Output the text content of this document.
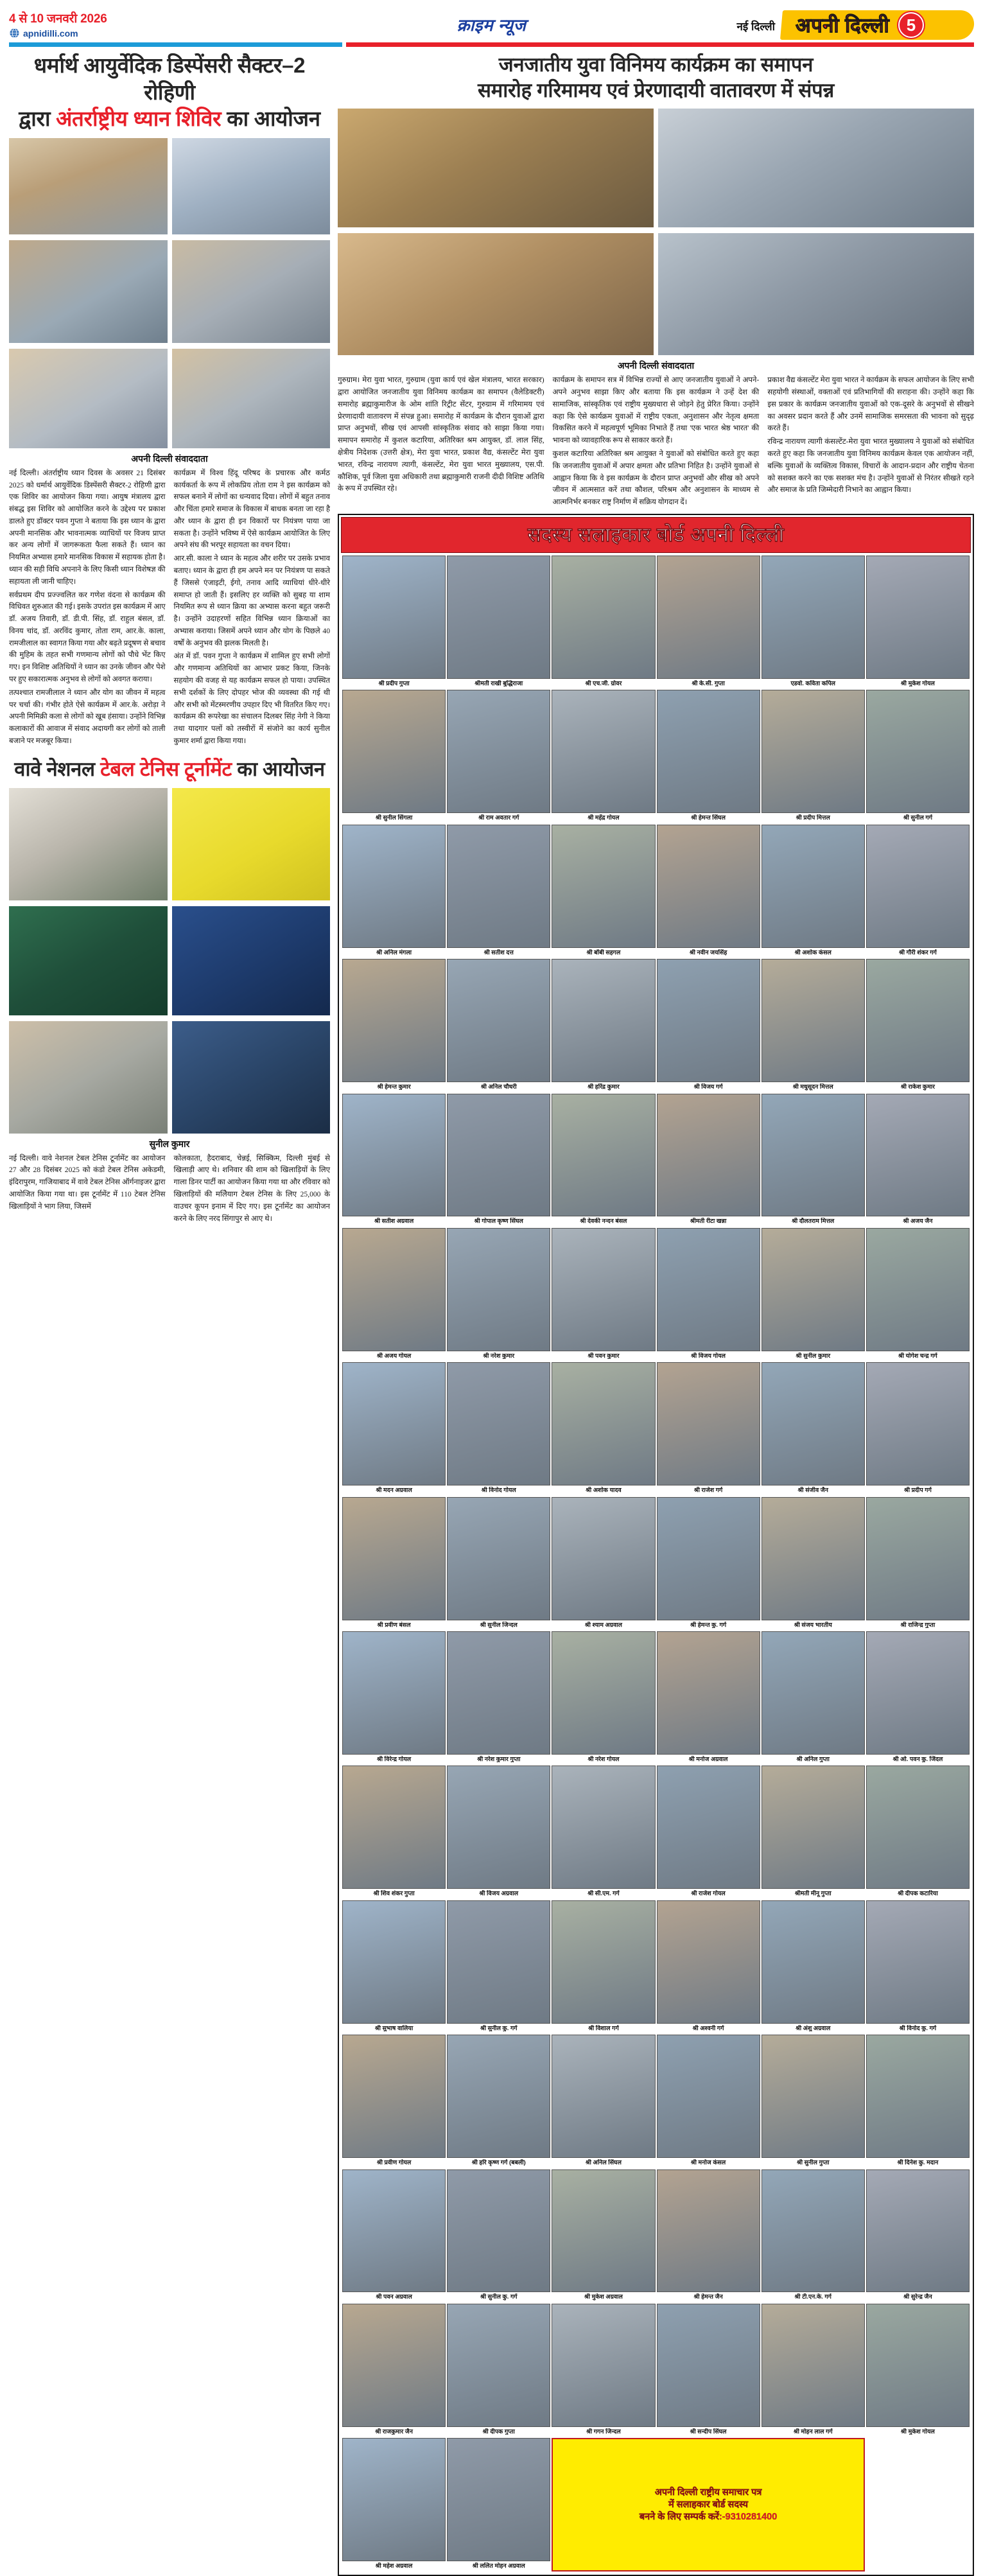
4 से 10 जनवरी 2026
apnidilli.com	क्राइम न्यूज	नई दिल्ली अपनी दिल्ली	5
धर्मार्थ आयुर्वेदिक डिस्पेंसरी सैक्टर–2 रोहिणी
द्वारा अंतर्राष्ट्रीय ध्यान शिविर का आयोजन
अपनी दिल्ली संवाददाता

नई दिल्ली। अंतर्राष्ट्रीय ध्यान दिवस के अवसर 21 दिसंबर 2025 को धर्मार्थ आयुर्वेदिक डिस्पेंसरी सैक्टर-2 रोहिणी द्वारा एक शिविर का आयोजन किया गया। आयुष मंत्रालय द्वारा संबद्ध इस शिविर को आयोजित करने के उद्देश्य पर प्रकाश डालते हुए डॉक्टर पवन गुप्ता ने बताया कि इस ध्यान के द्वारा अपनी मानसिक और भावनात्मक व्याधियों पर विजय प्राप्त कर अन्य लोगों में जागरूकता फैला सकते हैं। ध्यान का नियमित अभ्यास हमारे मानसिक विकास में सहायक होता है। ध्यान की सही विधि अपनाने के लिए किसी ध्यान विशेषज्ञ की सहायता ली जानी चाहिए।

सर्वप्रथम दीप प्रज्ज्वलित कर गणेश वंदना से कार्यक्रम की विधिवत शुरुआत की गई। इसके उपरांत इस कार्यक्रम में आए डॉ. अजय तिवारी, डॉ. डी.पी. सिंह, डॉ. राहुल बंसल, डॉ. विनय चांद, डॉ. अरविंद कुमार, तोता राम, आर.के. काला, रामजीलाल का स्वागत किया गया और बढ़ते प्रदूषण से बचाव की मुहिम के तहत सभी गणमान्य लोगों को पौधे भेंट किए गए। इन विशिष्ट अतिथियों ने ध्यान का उनके जीवन और पेशे पर हुए सकारात्मक अनुभव से लोगों को अवगत कराया।

तत्पश्चात रामजीलाल ने ध्यान और योग का जीवन में महत्व पर चर्चा की। गंभीर होते ऐसे कार्यक्रम में आर.के. अरोड़ा ने अपनी मिमिक्री कला से लोगों को खूब हंसाया। उन्होंने विभिन्न कलाकारों की आवाज में संवाद अदायगी कर लोगों को ताली बजाने पर मजबूर किया।

कार्यक्रम में विश्व हिंदू परिषद के प्रचारक और कर्मठ कार्यकर्ता के रूप में लोकप्रिय तोता राम ने इस कार्यक्रम को सफल बनाने में लोगों का धन्यवाद दिया। लोगों में बहुत तनाव और चिंता हमारे समाज के विकास में बाधक बनता जा रहा है और ध्यान के द्वारा ही इन विकारों पर नियंत्रण पाया जा सकता है। उन्होंने भविष्य में ऐसे कार्यक्रम आयोजित के लिए अपने संघ की भरपूर सहायता का वचन दिया।

आर.सी. काला ने ध्यान के महत्व और शरीर पर उसके प्रभाव बताए। ध्यान के द्वारा ही हम अपने मन पर नियंत्रण पा सकते हैं जिससे एंजाइटी, ईगो, तनाव आदि व्याधियां धीरे-धीरे समाप्त हो जाती हैं। इसलिए हर व्यक्ति को सुबह या शाम नियमित रूप से ध्यान क्रिया का अभ्यास करना बहुत जरूरी है। उन्होंने उदाहरणों सहित विभिन्न ध्यान क्रियाओं का अभ्यास कराया। जिसमें अपने ध्यान और योग के पिछले 40 वर्षों के अनुभव की झलक मिलती है।

अंत में डॉ. पवन गुप्ता ने कार्यक्रम में शामिल हुए सभी लोगों और गणमान्य अतिथियों का आभार प्रकट किया, जिनके सहयोग की वजह से यह कार्यक्रम सफल हो पाया। उपस्थित सभी दर्शकों के लिए दोपहर भोज की व्यवस्था की गई थी और सभी को मेंटस्मरणीय उपहार दिए भी वितरित किए गए। कार्यक्रम की रूपरेखा का संचालन दिलबर सिंह नेगी ने किया तथा यादगार पलों को तस्वीरों में संजोने का कार्य सुनील कुमार शर्मा द्वारा किया गया।

वावे नेशनल टेबल टेनिस टूर्नामेंट का आयोजन
सुनील कुमार

नई दिल्ली। वावे नेशनल टेबल टेनिस टूर्नामेंट का आयोजन 27 और 28 दिसंबर 2025 को कंडो टेबल टेनिस अकेडमी, इंदिरापुरम, गाजियाबाद में वावे टेबल टेनिस ऑर्गनाइजर द्वारा आयोजित किया गया था। इस टूर्नामेंट में 110 टेबल टेनिस खिलाड़ियों ने भाग लिया, जिसमें

कोलकाता, हैदराबाद, चेन्नई, सिक्किम, दिल्ली मुंबई से खिलाड़ी आए थे। शनिवार की शाम को खिलाड़ियों के लिए गाला डिनर पार्टी का आयोजन किया गया था और रविवार को खिलाड़ियों की मलेियाग टेबल टेनिस के लिए 25,000 के वाउचर कूपन इनाम में दिए गए। इस टूर्नामेंट का आयोजन करने के लिए नरद सिंगापुर से आए थे।

जनजातीय युवा विनिमय कार्यक्रम का समापन
समारोह गरिमामय एवं प्रेरणादायी वातावरण में संपन्न
अपनी दिल्ली संवाददाता

गुरुग्राम। मेरा युवा भारत, गुरुग्राम (युवा कार्य एवं खेल मंत्रालय, भारत सरकार) द्वारा आयोजित जनजातीय युवा विनिमय कार्यक्रम का समापन (वैलेडिक्टरी) समारोह ब्रह्माकुमारीज के ओम शांति रिट्रीट सेंटर, गुरुग्राम में गरिमामय एवं प्रेरणादायी वातावरण में संपन्न हुआ। समारोह में कार्यक्रम के दौरान युवाओं द्वारा प्राप्त अनुभवों, सीख एवं आपसी सांस्कृतिक संवाद को साझा किया गया। समापन समारोह में कुशल कटारिया, अतिरिक्त श्रम आयुक्त, डॉ. लाल सिंह, क्षेत्रीय निदेशक (उत्तरी क्षेत्र), मेरा युवा भारत, प्रकाश वैद्य, कंसल्टेंट मेरा युवा भारत, रविन्द्र नारायण त्यागी, कंसल्टेंट, मेरा युवा भारत मुख्यालय, एस.पी. कौशिक, पूर्व जिला युवा अधिकारी तथा ब्रह्माकुमारी राजनी दीदी विशिष्ट अतिथि के रूप में उपस्थित रहे।

कार्यक्रम के समापन सत्र में विभिन्न राज्यों से आए जनजातीय युवाओं ने अपने-अपने अनुभव साझा किए और बताया कि इस कार्यक्रम ने उन्हें देश की सामाजिक, सांस्कृतिक एवं राष्ट्रीय मुख्यधारा से जोड़ने हेतु प्रेरित किया। उन्होंने कहा कि ऐसे कार्यक्रम युवाओं में राष्ट्रीय एकता, अनुशासन और नेतृत्व क्षमता विकसित करने में महत्वपूर्ण भूमिका निभाते हैं तथा 'एक भारत श्रेष्ठ भारत' की भावना को व्यावहारिक रूप से साकार करते हैं।

कुशल कटारिया अतिरिक्त श्रम आयुक्त ने युवाओं को संबोधित करते हुए कहा कि जनजातीय युवाओं में अपार क्षमता और प्रतिभा निहित है। उन्होंने युवाओं से आह्वान किया कि वे इस कार्यक्रम के दौरान प्राप्त अनुभवों और सीख को अपने जीवन में आत्मसात करें तथा कौशल, परिश्रम और अनुशासन के माध्यम से आत्मनिर्भर बनकर राष्ट्र निर्माण में सक्रिय योगदान दें।

प्रकाश वैद्य कंसल्टेंट मेरा युवा भारत ने कार्यक्रम के सफल आयोजन के लिए सभी सहयोगी संस्थाओं, वक्ताओं एवं प्रतिभागियों की सराहना की। उन्होंने कहा कि इस प्रकार के कार्यक्रम जनजातीय युवाओं को एक-दूसरे के अनुभवों से सीखने का अवसर प्रदान करते हैं और उनमें सामाजिक समरसता की भावना को सुदृढ़ करते हैं।

रविन्द्र नारायण त्यागी कंसल्टेंट-मेरा युवा भारत मुख्यालय ने युवाओं को संबोधित करते हुए कहा कि जनजातीय युवा विनिमय कार्यक्रम केवल एक आयोजन नहीं, बल्कि युवाओं के व्यक्तित्व विकास, विचारों के आदान-प्रदान और राष्ट्रीय चेतना को सशक्त करने का एक सशक्त मंच है। उन्होंने युवाओं से निरंतर सीखते रहने और समाज के प्रति जिम्मेदारी निभाने का आह्वान किया।

सदस्य सलाहकार बोर्ड अपनी दिल्ली
श्री प्रदीप गुप्ता	श्रीमती राखी बुद्धिराजा	श्री एच.जी. ग्रोवर	श्री के.सी. गुप्ता	एडवो. कविता कपिल	श्री मुकेश गोयल
श्री सुनील सिंगला	श्री राम अवतार गर्ग	श्री महेंद्र गोयल	श्री हेमन्त सिंघल	श्री प्रदीप मित्तल	श्री सुनील गर्ग
श्री अनिल मंगला	श्री सतीश दत्त	श्री बॉबी सहगल	श्री नवीन जयसिंह	श्री अशोक कंसल	श्री गौरी शंकर गर्ग
श्री हेमन्त कुमार	श्री अनिल चौधरी	श्री हरिंद्र कुमार	श्री विजय गर्ग	श्री मधुसूदन मित्तल	श्री राकेश कुमार
श्री सतीश अग्रवाल	श्री गोपाल कृष्ण सिंघल	श्री देवकी नन्दन बंसल	श्रीमती रीटा खन्ना	श्री दौलतराम मित्तल	श्री अजय जैन
श्री अजय गोयल	श्री नरेश कुमार	श्री पवन कुमार	श्री विजय गोयल	श्री सुनील कुमार	श्री योगेश चन्द्र गर्ग
श्री मदन अग्रवाल	श्री विनोद गोयल	श्री अशोक यादव	श्री राजेश गर्ग	श्री संजीव जैन	श्री प्रदीप गर्ग
श्री प्रवीण बंसल	श्री सुनील जिन्दल	श्री श्याम अग्रवाल	श्री हेमन्त कु. गर्ग	श्री संजय भारतीय	श्री राजिन्द्र गुप्ता
श्री विरेन्द्र गोयल	श्री नरेश कुमार गुप्ता	श्री नरेश गोयल	श्री मनोज अग्रवाल	श्री अनिल गुप्ता	श्री ओ. पवन कु. जिंदल
श्री शिव शंकर गुप्ता	श्री विजय अग्रवाल	श्री सी.एम. गर्ग	श्री राजेश गोयल	श्रीमती मीनू गुप्ता	श्री दीपक कटारिया
श्री सुभाष वालिया	श्री सुनील कु. गर्ग	श्री विशाल गर्ग	श्री अश्वनी गर्ग	श्री अंशु अग्रवाल	श्री विनोद कु. गर्ग
श्री प्रवीण गोयल	श्री हरि कृष्ण गर्ग (बबली)	श्री अनिल सिंघल	श्री मनोज कंसल	श्री सुनील गुप्ता	श्री दिनेश कु. मदान
श्री पवन अग्रवाल	श्री सुनील कु. गर्ग	श्री मुकेश अग्रवाल	श्री हेमन्त जैन	श्री टी.एन.के. गर्ग	श्री सुरेन्द्र जैन
श्री राजकुमार जैन	श्री दीपक गुप्ता	श्री गगन जिन्दल	श्री सन्दीप सिंघल	श्री मोहन लाल गर्ग	श्री मुकेश गोयल
श्री महेश अग्रवाल	श्री ललित मोहन अग्रवाल
अपनी दिल्ली राष्ट्रीय समाचार पत्र
में सलाहकार बोर्ड सदस्य
बनने के लिए सम्पर्क करें:-9310281400
